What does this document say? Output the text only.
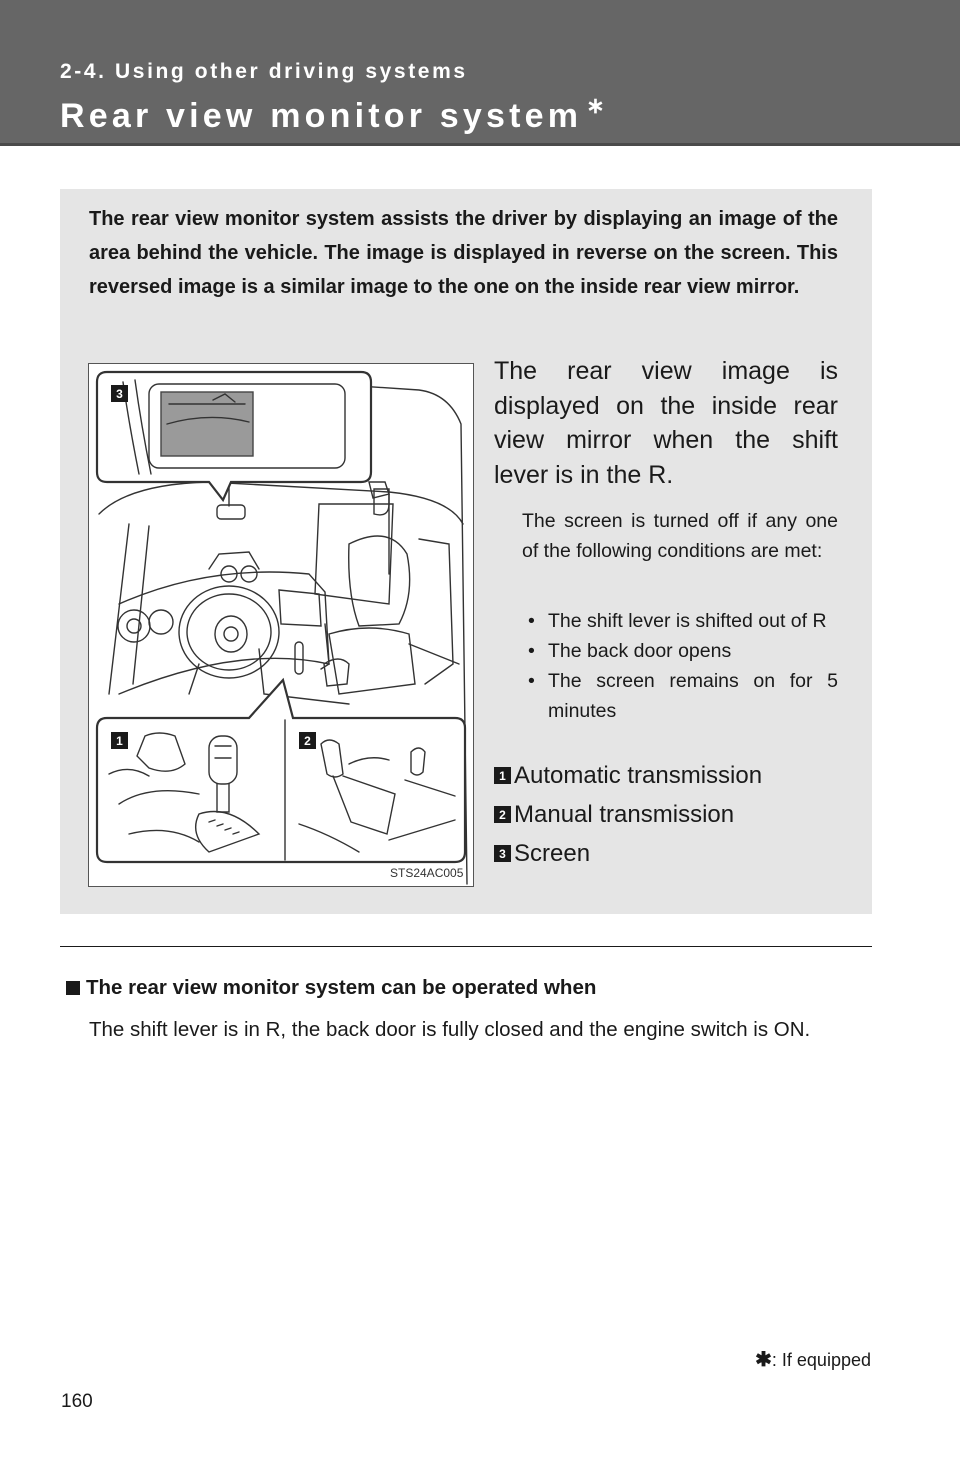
2-4. Using other driving systems
Rear view monitor system ∗
The rear view monitor system assists the driver by displaying an image of the area behind the vehicle. The image is displayed in reverse on the screen. This reversed image is a similar image to the one on the inside rear view mirror.
The rear view image is displayed on the inside rear view mirror when the shift lever is in the R.
The screen is turned off if any one of the following conditions are met:
• The shift lever is shifted out of R
• The back door opens
• The screen remains on for 5 minutes
1 Automatic transmission
2 Manual transmission
3 Screen
3
1	2
STS24AC005
The rear view monitor system can be operated when
The shift lever is in R, the back door is fully closed and the engine switch is ON.
✱: If equipped
160
